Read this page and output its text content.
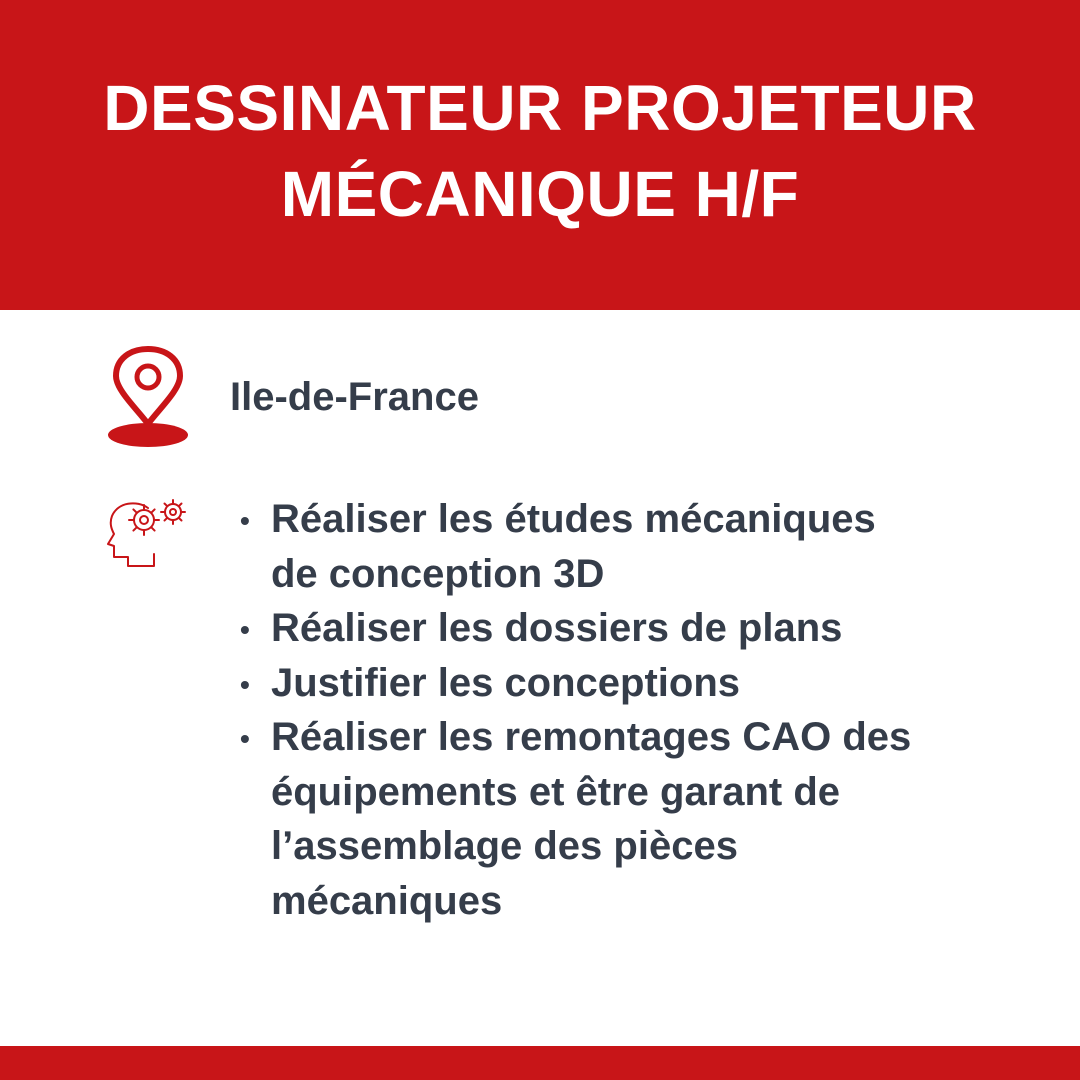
DESSINATEUR PROJETEUR
MÉCANIQUE H/F
Ile-de-France
• Réaliser les études mécaniques
de conception 3D
• Réaliser les dossiers de plans
• Justifier les conceptions
• Réaliser les remontages CAO des
équipements et être garant de
l’assemblage des pièces
mécaniques
